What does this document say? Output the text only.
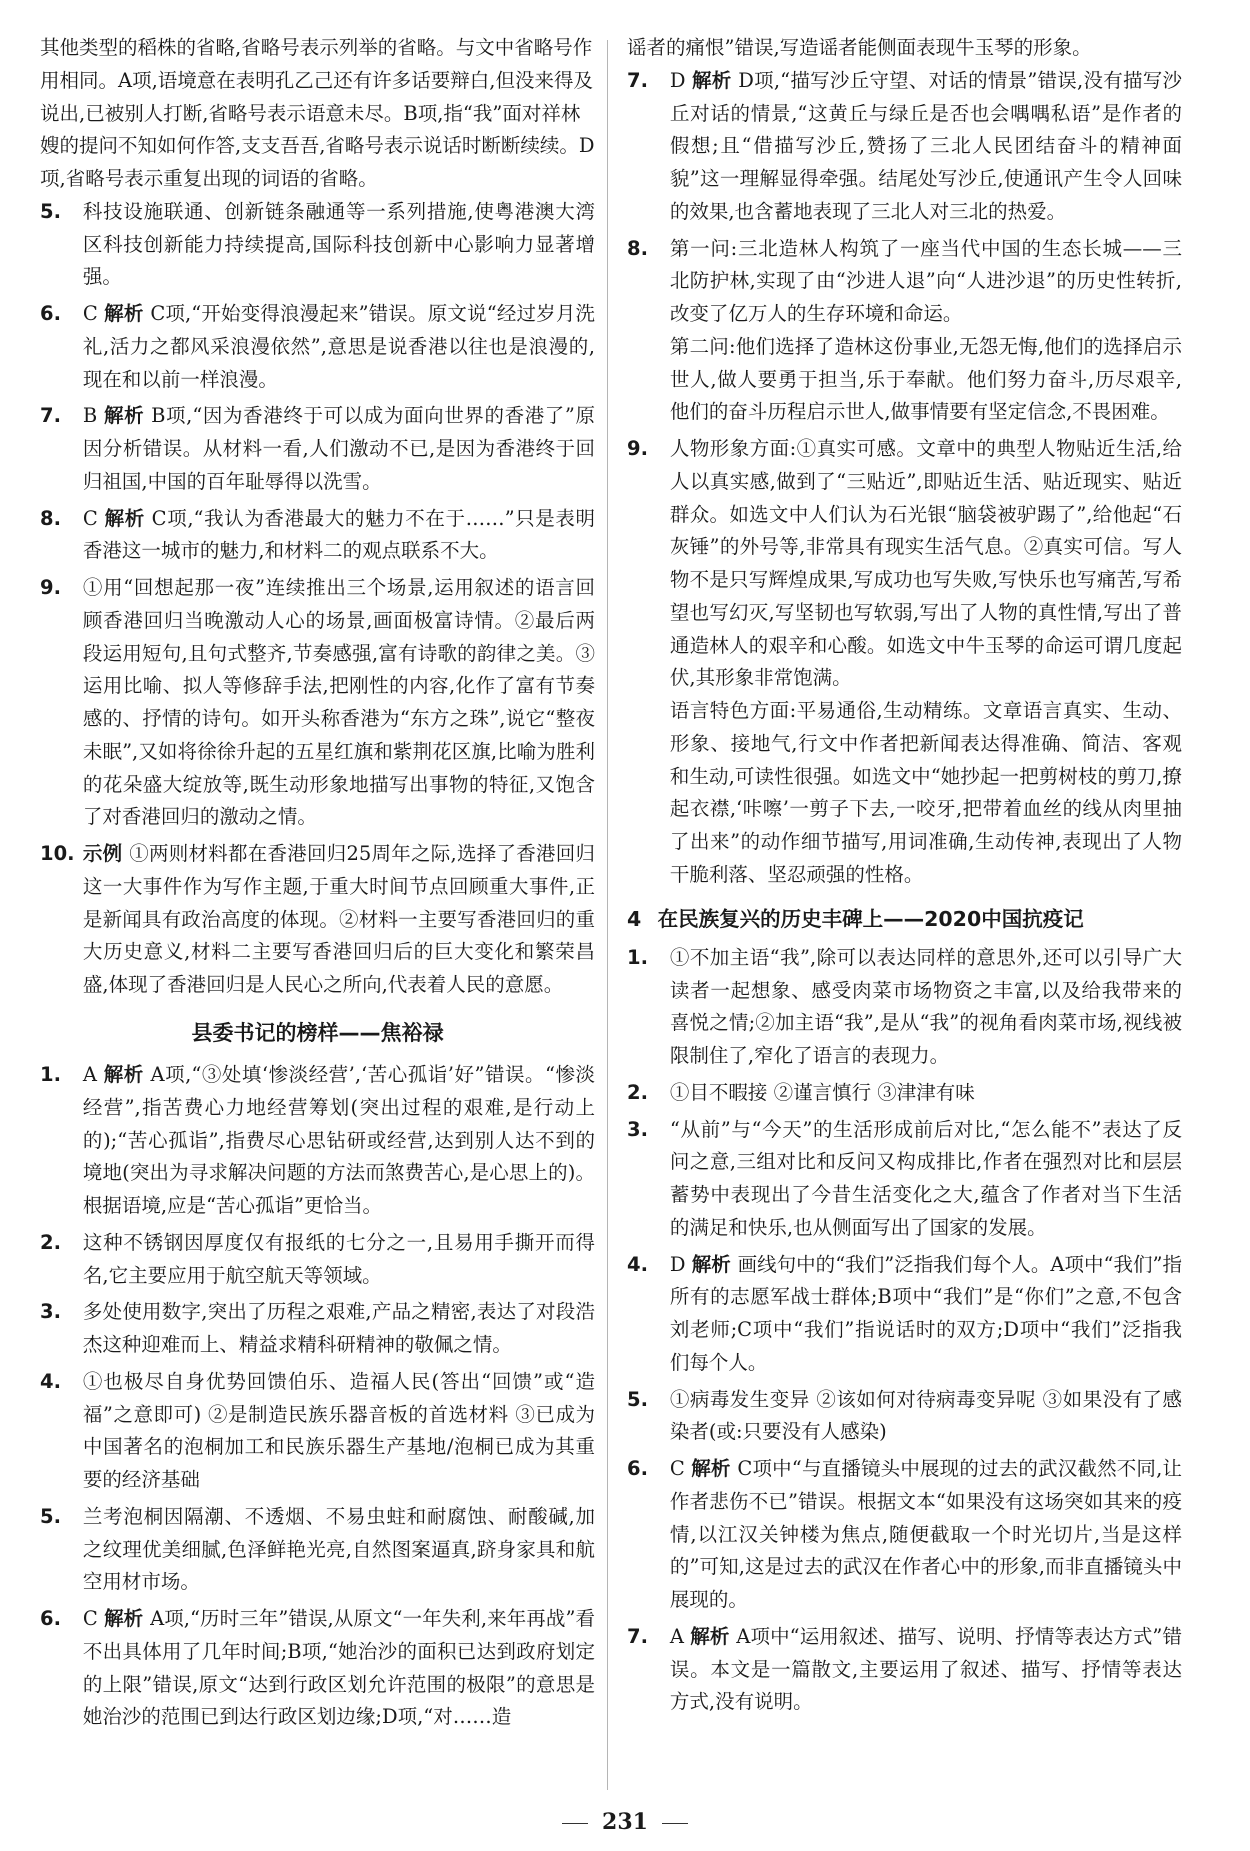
其他类型的稻株的省略,省略号表示列举的省略。与文中省略号作用相同。A项,语境意在表明孔乙己还有许多话要辩白,但没来得及说出,已被别人打断,省略号表示语意未尽。B项,指“我”面对祥林嫂的提问不知如何作答,支支吾吾,省略号表示说话时断断续续。D项,省略号表示重复出现的词语的省略。

5. 科技设施联通、创新链条融通等一系列措施,使粤港澳大湾区科技创新能力持续提高,国际科技创新中心影响力显著增强。
6. C 解析 C项,“开始变得浪漫起来”错误。原文说“经过岁月洗礼,活力之都风采浪漫依然”,意思是说香港以往也是浪漫的,现在和以前一样浪漫。
7. B 解析 B项,“因为香港终于可以成为面向世界的香港了”原因分析错误。从材料一看,人们激动不已,是因为香港终于回归祖国,中国的百年耻辱得以洗雪。
8. C 解析 C项,“我认为香港最大的魅力不在于……”只是表明香港这一城市的魅力,和材料二的观点联系不大。
9. ①用“回想起那一夜”连续推出三个场景,运用叙述的语言回顾香港回归当晚激动人心的场景,画面极富诗情。②最后两段运用短句,且句式整齐,节奏感强,富有诗歌的韵律之美。③运用比喻、拟人等修辞手法,把刚性的内容,化作了富有节奏感的、抒情的诗句。如开头称香港为“东方之珠”,说它“整夜未眠”,又如将徐徐升起的五星红旗和紫荆花区旗,比喻为胜利的花朵盛大绽放等,既生动形象地描写出事物的特征,又饱含了对香港回归的激动之情。
10. 示例 ①两则材料都在香港回归25周年之际,选择了香港回归这一大事件作为写作主题,于重大时间节点回顾重大事件,正是新闻具有政治高度的体现。②材料一主要写香港回归的重大历史意义,材料二主要写香港回归后的巨大变化和繁荣昌盛,体现了香港回归是人民心之所向,代表着人民的意愿。
县委书记的榜样——焦裕禄
1. A 解析 A项,“③处填‘惨淡经营’,‘苦心孤诣’好”错误。“惨淡经营”,指苦费心力地经营筹划(突出过程的艰难,是行动上的);“苦心孤诣”,指费尽心思钻研或经营,达到别人达不到的境地(突出为寻求解决问题的方法而煞费苦心,是心思上的)。根据语境,应是“苦心孤诣”更恰当。
2. 这种不锈钢因厚度仅有报纸的七分之一,且易用手撕开而得名,它主要应用于航空航天等领域。
3. 多处使用数字,突出了历程之艰难,产品之精密,表达了对段浩杰这种迎难而上、精益求精科研精神的敬佩之情。
4. ①也极尽自身优势回馈伯乐、造福人民(答出“回馈”或“造福”之意即可) ②是制造民族乐器音板的首选材料 ③已成为中国著名的泡桐加工和民族乐器生产基地/泡桐已成为其重要的经济基础
5. 兰考泡桐因隔潮、不透烟、不易虫蛀和耐腐蚀、耐酸碱,加之纹理优美细腻,色泽鲜艳光亮,自然图案逼真,跻身家具和航空用材市场。
6. C 解析 A项,“历时三年”错误,从原文“一年失利,来年再战”看不出具体用了几年时间;B项,“她治沙的面积已达到政府划定的上限”错误,原文“达到行政区划允许范围的极限”的意思是她治沙的范围已到达行政区划边缘;D项,“对……造

谣者的痛恨”错误,写造谣者能侧面表现牛玉琴的形象。

7. D 解析 D项,“描写沙丘守望、对话的情景”错误,没有描写沙丘对话的情景,“这黄丘与绿丘是否也会喁喁私语”是作者的假想;且“借描写沙丘,赞扬了三北人民团结奋斗的精神面貌”这一理解显得牵强。结尾处写沙丘,使通讯产生令人回味的效果,也含蓄地表现了三北人对三北的热爱。
8. 第一问:三北造林人构筑了一座当代中国的生态长城——三北防护林,实现了由“沙进人退”向“人进沙退”的历史性转折,改变了亿万人的生存环境和命运。

第二问:他们选择了造林这份事业,无怨无悔,他们的选择启示世人,做人要勇于担当,乐于奉献。他们努力奋斗,历尽艰辛,他们的奋斗历程启示世人,做事情要有坚定信念,不畏困难。

9. 人物形象方面:①真实可感。文章中的典型人物贴近生活,给人以真实感,做到了“三贴近”,即贴近生活、贴近现实、贴近群众。如选文中人们认为石光银“脑袋被驴踢了”,给他起“石灰锤”的外号等,非常具有现实生活气息。②真实可信。写人物不是只写辉煌成果,写成功也写失败,写快乐也写痛苦,写希望也写幻灭,写坚韧也写软弱,写出了人物的真性情,写出了普通造林人的艰辛和心酸。如选文中牛玉琴的命运可谓几度起伏,其形象非常饱满。

语言特色方面:平易通俗,生动精练。文章语言真实、生动、形象、接地气,行文中作者把新闻表达得准确、简洁、客观和生动,可读性很强。如选文中“她抄起一把剪树枝的剪刀,撩起衣襟,‘咔嚓’一剪子下去,一咬牙,把带着血丝的线从肉里抽了出来”的动作细节描写,用词准确,生动传神,表现出了人物干脆利落、坚忍顽强的性格。

4 在民族复兴的历史丰碑上——2020中国抗疫记
1. ①不加主语“我”,除可以表达同样的意思外,还可以引导广大读者一起想象、感受肉菜市场物资之丰富,以及给我带来的喜悦之情;②加主语“我”,是从“我”的视角看肉菜市场,视线被限制住了,窄化了语言的表现力。
2. ①目不暇接 ②谨言慎行 ③津津有味
3. “从前”与“今天”的生活形成前后对比,“怎么能不”表达了反问之意,三组对比和反问又构成排比,作者在强烈对比和层层蓄势中表现出了今昔生活变化之大,蕴含了作者对当下生活的满足和快乐,也从侧面写出了国家的发展。
4. D 解析 画线句中的“我们”泛指我们每个人。A项中“我们”指所有的志愿军战士群体;B项中“我们”是“你们”之意,不包含刘老师;C项中“我们”指说话时的双方;D项中“我们”泛指我们每个人。
5. ①病毒发生变异 ②该如何对待病毒变异呢 ③如果没有了感染者(或:只要没有人感染)
6. C 解析 C项中“与直播镜头中展现的过去的武汉截然不同,让作者悲伤不已”错误。根据文本“如果没有这场突如其来的疫情,以江汉关钟楼为焦点,随便截取一个时光切片,当是这样的”可知,这是过去的武汉在作者心中的形象,而非直播镜头中展现的。
7. A 解析 A项中“运用叙述、描写、说明、抒情等表达方式”错误。本文是一篇散文,主要运用了叙述、描写、抒情等表达方式,没有说明。
231
